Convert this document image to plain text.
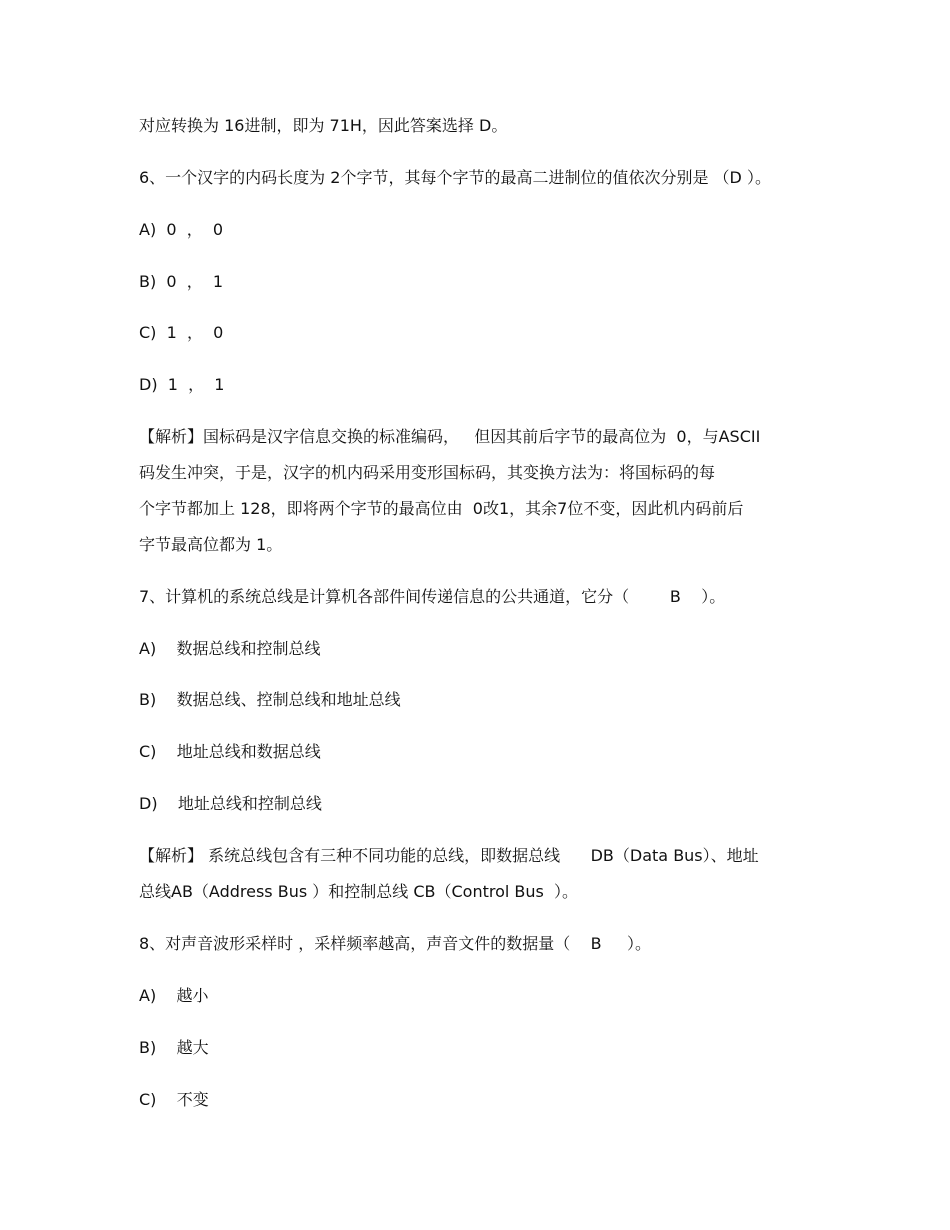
对应转换为 16进制，即为 71H，因此答案选择 D。

6、一个汉字的内码长度为 2个字节，其每个字节的最高二进制位的值依次分别是 （D ）。

A)  0  ，  0

B)  0  ，  1

C)  1  ，  0

D)  1  ，  1

【解析】国标码是汉字信息交换的标准编码，   但因其前后字节的最高位为  0，与ASCII

码发生冲突，于是，汉字的机内码采用变形国标码，其变换方法为：将国标码的每

个字节都加上 128，即将两个字节的最高位由  0改1，其余7位不变，因此机内码前后

字节最高位都为 1。

7、计算机的系统总线是计算机各部件间传递信息的公共通道，它分（        B    ）。

A)    数据总线和控制总线

B)    数据总线、控制总线和地址总线

C)    地址总线和数据总线

D)    地址总线和控制总线

【解析】 系统总线包含有三种不同功能的总线，即数据总线      DB（Data Bus）、地址

总线AB（Address Bus ）和控制总线 CB（Control Bus  ）。

8、对声音波形采样时 ，采样频率越高，声音文件的数据量（    B     ）。

A)    越小

B)    越大

C)    不变
